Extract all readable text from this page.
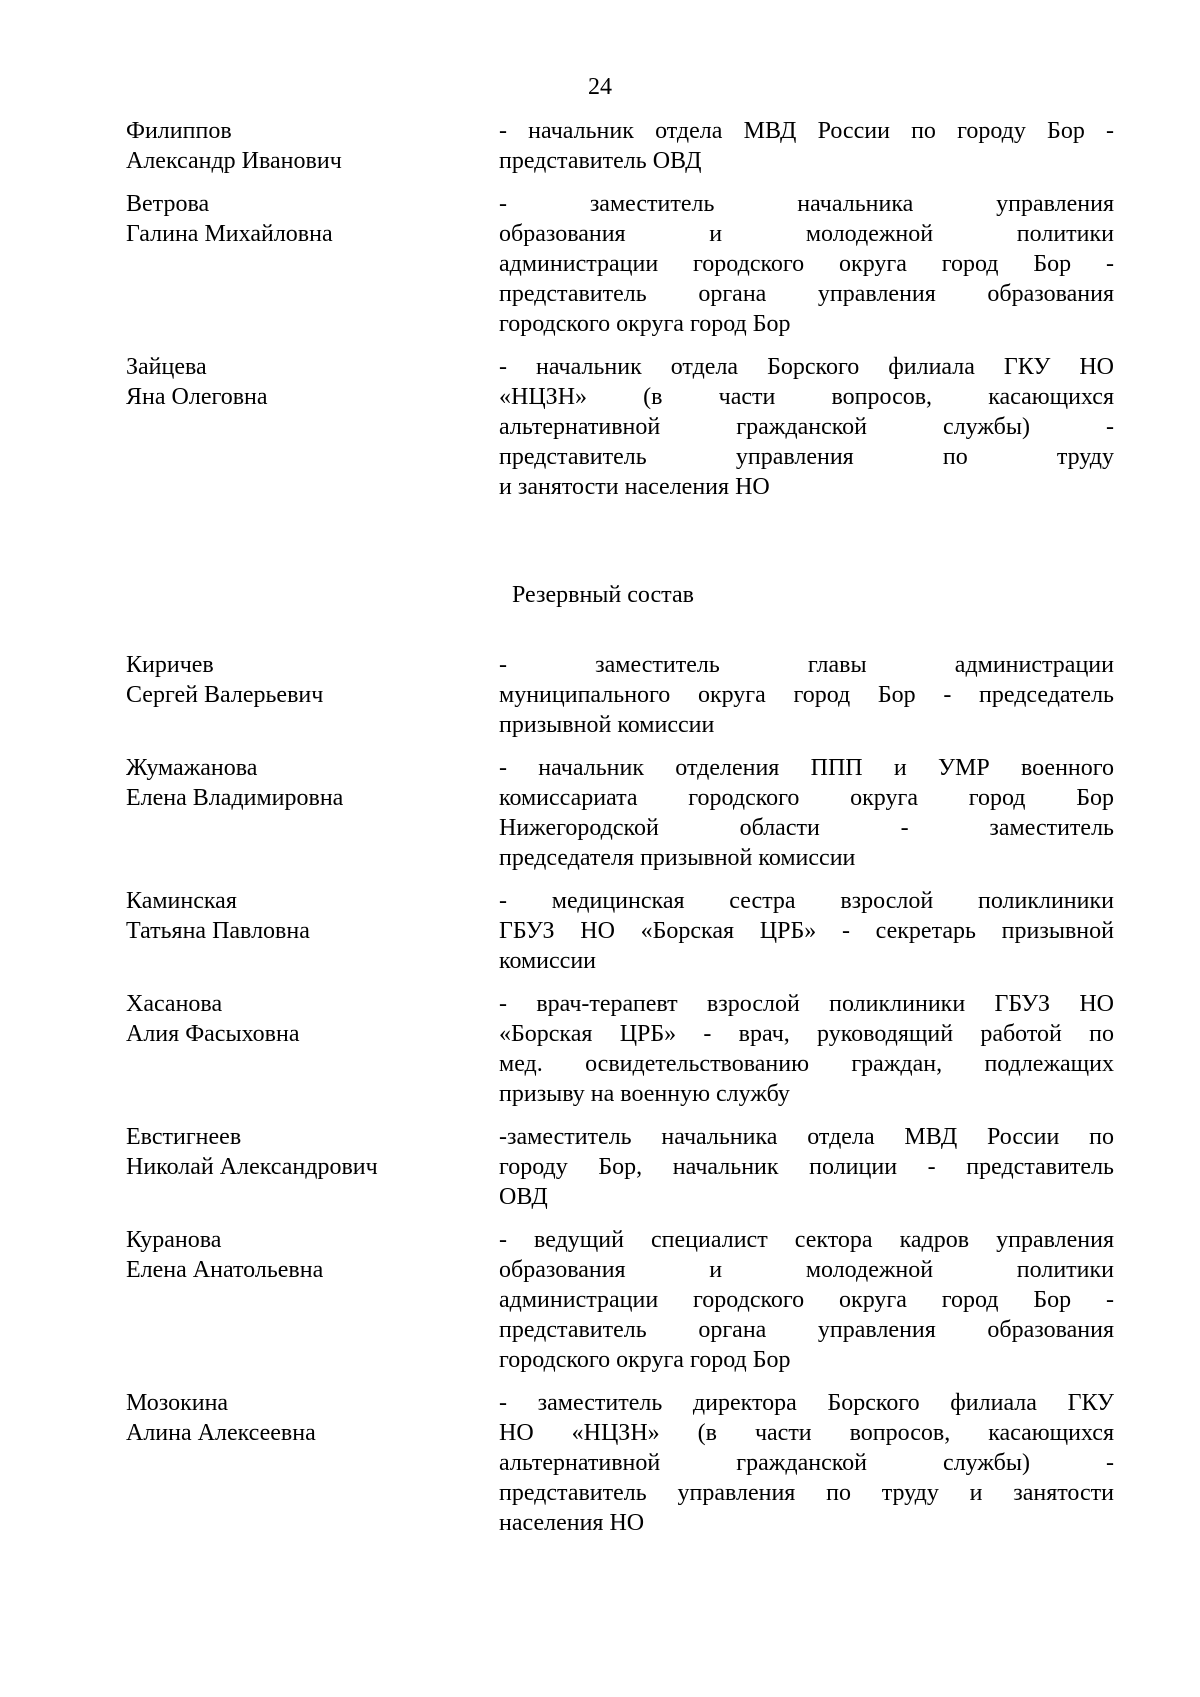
24
Филиппов
Александр Иванович
- начальник отдела МВД России по городу Бор -
представитель ОВД
Ветрова
Галина Михайловна
- заместитель начальника управления
образования и молодежной политики
администрации городского округа город Бор -
представитель органа управления образования
городского округа город Бор
Зайцева
Яна Олеговна
- начальник отдела Борского филиала ГКУ НО
«НЦЗН» (в части вопросов, касающихся
альтернативной гражданской службы) -
представитель управления по труду
и занятости населения НО
Резервный состав
Киричев
Сергей Валерьевич
- заместитель главы администрации
муниципального округа город Бор - председатель
призывной комиссии
Жумажанова
Елена Владимировна
- начальник отделения ППП и УМР военного
комиссариата городского округа город Бор
Нижегородской области - заместитель
председателя призывной комиссии
Каминская
Татьяна Павловна
- медицинская сестра взрослой поликлиники
ГБУЗ НО «Борская ЦРБ» - секретарь призывной
комиссии
Хасанова
Алия Фасыховна
- врач-терапевт взрослой поликлиники ГБУЗ НО
«Борская ЦРБ» - врач, руководящий работой по
мед. освидетельствованию граждан, подлежащих
призыву на военную службу
Евстигнеев
Николай Александрович
-заместитель начальника отдела МВД России по
городу Бор, начальник полиции - представитель
ОВД
Куранова
Елена Анатольевна
- ведущий специалист сектора кадров управления
образования и молодежной политики
администрации городского округа город Бор -
представитель органа управления образования
городского округа город Бор
Мозокина
Алина Алексеевна
- заместитель директора Борского филиала ГКУ
НО «НЦЗН» (в части вопросов, касающихся
альтернативной гражданской службы) -
представитель управления по труду и занятости
населения НО
